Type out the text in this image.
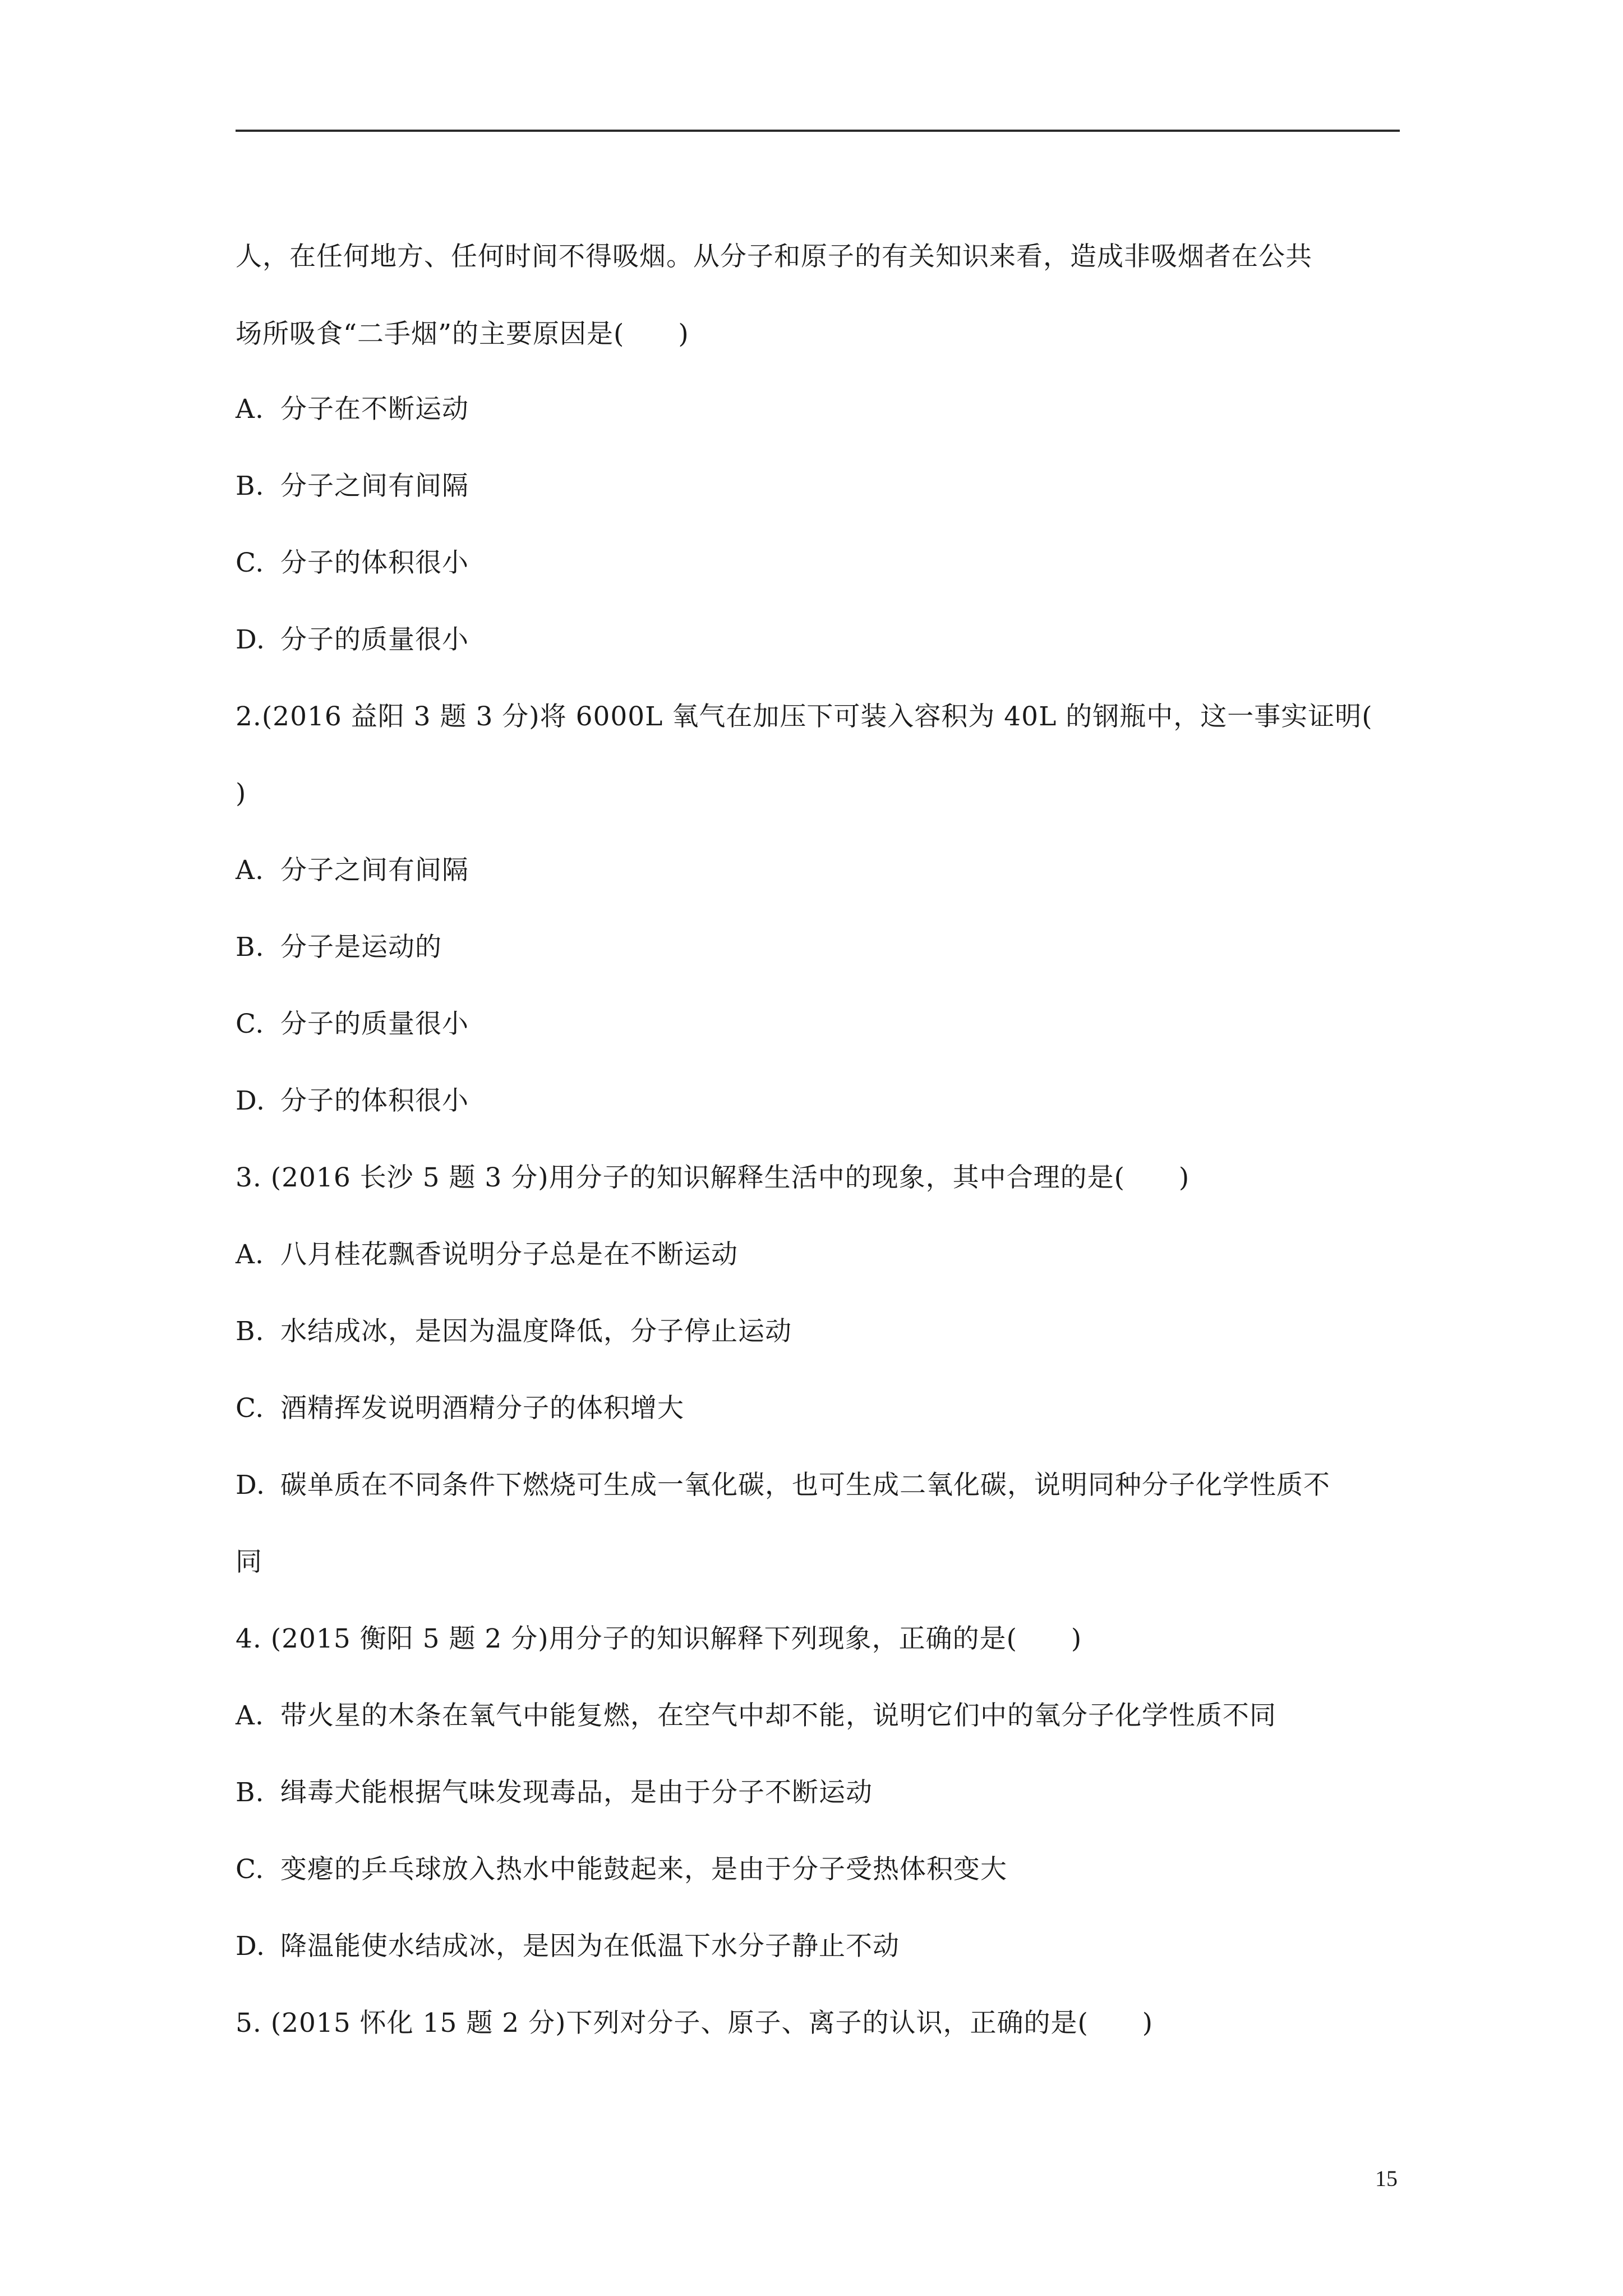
人，在任何地方、任何时间不得吸烟。从分子和原子的有关知识来看，造成非吸烟者在公共
场所吸食“二手烟”的主要原因是(　　)
A. 分子在不断运动
B. 分子之间有间隔
C. 分子的体积很小
D. 分子的质量很小
2.(2016 益阳 3 题 3 分)将 6000L 氧气在加压下可装入容积为 40L 的钢瓶中，这一事实证明(
)
A. 分子之间有间隔
B. 分子是运动的
C. 分子的质量很小
D. 分子的体积很小
3. (2016 长沙 5 题 3 分)用分子的知识解释生活中的现象，其中合理的是(　　)
A. 八月桂花飘香说明分子总是在不断运动
B. 水结成冰，是因为温度降低，分子停止运动
C. 酒精挥发说明酒精分子的体积增大
D. 碳单质在不同条件下燃烧可生成一氧化碳，也可生成二氧化碳，说明同种分子化学性质不
同
4. (2015 衡阳 5 题 2 分)用分子的知识解释下列现象，正确的是(　　)
A. 带火星的木条在氧气中能复燃，在空气中却不能，说明它们中的氧分子化学性质不同
B. 缉毒犬能根据气味发现毒品，是由于分子不断运动
C. 变瘪的乒乓球放入热水中能鼓起来，是由于分子受热体积变大
D. 降温能使水结成冰，是因为在低温下水分子静止不动
5. (2015 怀化 15 题 2 分)下列对分子、原子、离子的认识，正确的是(　　)
15
